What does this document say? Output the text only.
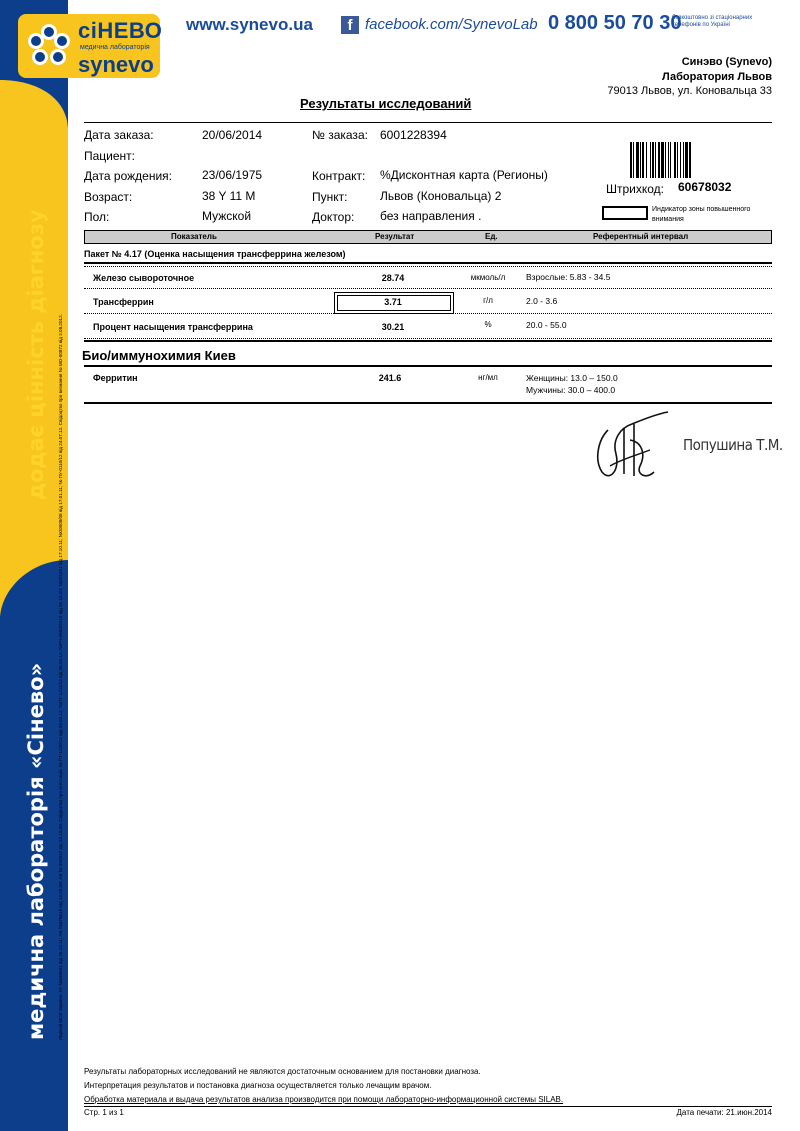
додає цінність діагнозу
медична лабораторія «Сінево» Ліцензії МОЗ України: АГ №599551 від 26.12.11; АВ №478616 від 12.03.09; АВ № 492917 від 23.10.09. Свідоцтво про атестацію № ПТ-1200/12 від 09.04.12; №ПТ-1211/12 від 06.04.12; №РЧ-0683/2010 від 05.10.10; №001061 від 17.10.11; №00808/08 від 17.01.11; № ПУ-0110/12 від 24.07.12. Свідоцтво про визнання № МО-00872 від 2.08.2012.
сіНЕВО
медична лабораторія
synevo
www.synevo.ua	f facebook.com/SynevoLab 0 800 50 70 30
безкоштовно зі стаціонарних телефонів по Україні
Синэво (Synevo)
Лаборатория Львов
79013 Львов, ул. Коновальца 33
Результаты исследований
Дата заказа:	20/06/2014	№ заказа: 6001228394
Пациент:
Дата рождения:	23/06/1975	Контракт: %Дисконтная карта (Регионы)
Возраст:	38 Y 11 M	Пункт:	Львов (Коновальца) 2
Пол:	Мужской	Доктор: без направления .
Штрихкод: 60678032
Индикатор зоны повышенного внимания
Показатель	Результат	Ед.	Референтный интервал
Пакет № 4.17 (Оценка насыщения трансферрина железом)
Железо сывороточное	28.74	мкмоль/л	Взрослые: 5.83 - 34.5
Трансферрин	3.71	г/л	2.0 - 3.6
Процент насыщения трансферрина	30.21	%	20.0 - 55.0
Био/иммунохимия Киев
Ферритин	241.6	нг/мл	Женщины: 13.0 – 150.0
Мужчины: 30.0 – 400.0
Попушина Т.М.
Результаты лабораторных исследований не являются достаточным основанием для постановки диагноза.
Интерпретация результатов и постановка диагноза осуществляется только лечащим врачом.
Обработка материала и выдача результатов анализа производится при помощи лабораторно-информационной системы SILAB.
Стр. 1 из 1	Дата печати: 21.июн.2014
